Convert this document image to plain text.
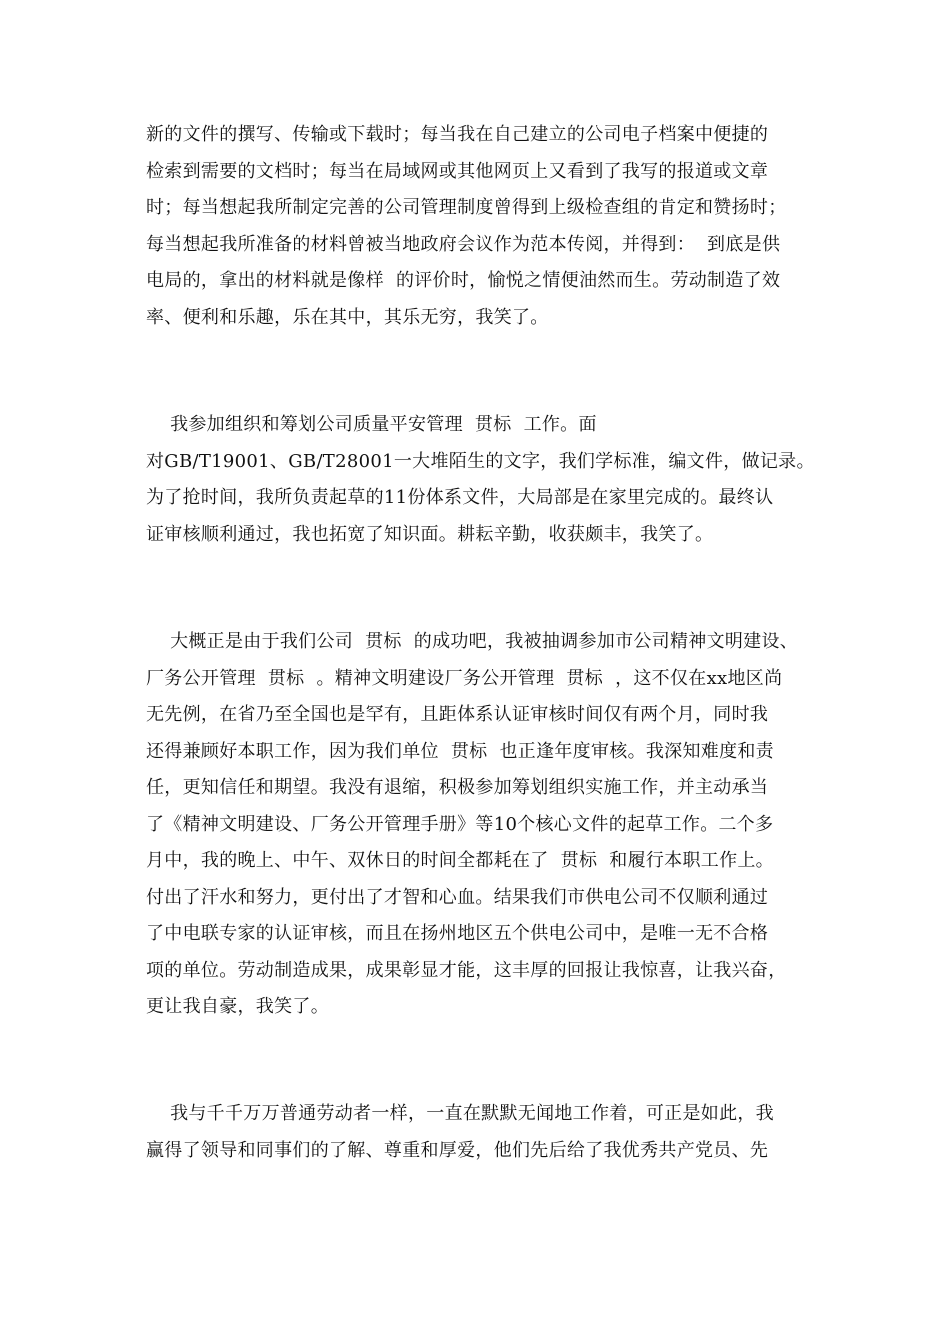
新的文件的撰写、传输或下载时；每当我在自己建立的公司电子档案中便捷的
检索到需要的文档时；每当在局域网或其他网页上又看到了我写的报道或文章
时；每当想起我所制定完善的公司管理制度曾得到上级检查组的肯定和赞扬时；
每当想起我所准备的材料曾被当地政府会议作为范本传阅，并得到：  到底是供
电局的，拿出的材料就是像样  的评价时，愉悦之情便油然而生。劳动制造了效
率、便利和乐趣，乐在其中，其乐无穷，我笑了。
我参加组织和筹划公司质量平安管理  贯标  工作。面
对GB/T19001、GB/T28001一大堆陌生的文字，我们学标准，编文件，做记录。
为了抢时间，我所负责起草的11份体系文件，大局部是在家里完成的。最终认
证审核顺利通过，我也拓宽了知识面。耕耘辛勤，收获颇丰，我笑了。
大概正是由于我们公司  贯标  的成功吧，我被抽调参加市公司精神文明建设、
厂务公开管理  贯标  。精神文明建设厂务公开管理  贯标  ，这不仅在xx地区尚
无先例，在省乃至全国也是罕有，且距体系认证审核时间仅有两个月，同时我
还得兼顾好本职工作，因为我们单位  贯标  也正逢年度审核。我深知难度和责
任，更知信任和期望。我没有退缩，积极参加筹划组织实施工作，并主动承当
了《精神文明建设、厂务公开管理手册》等10个核心文件的起草工作。二个多
月中，我的晚上、中午、双休日的时间全都耗在了  贯标  和履行本职工作上。
付出了汗水和努力，更付出了才智和心血。结果我们市供电公司不仅顺利通过
了中电联专家的认证审核，而且在扬州地区五个供电公司中，是唯一无不合格
项的单位。劳动制造成果，成果彰显才能，这丰厚的回报让我惊喜，让我兴奋，
更让我自豪，我笑了。
我与千千万万普通劳动者一样，一直在默默无闻地工作着，可正是如此，我
赢得了领导和同事们的了解、尊重和厚爱，他们先后给了我优秀共产党员、先
